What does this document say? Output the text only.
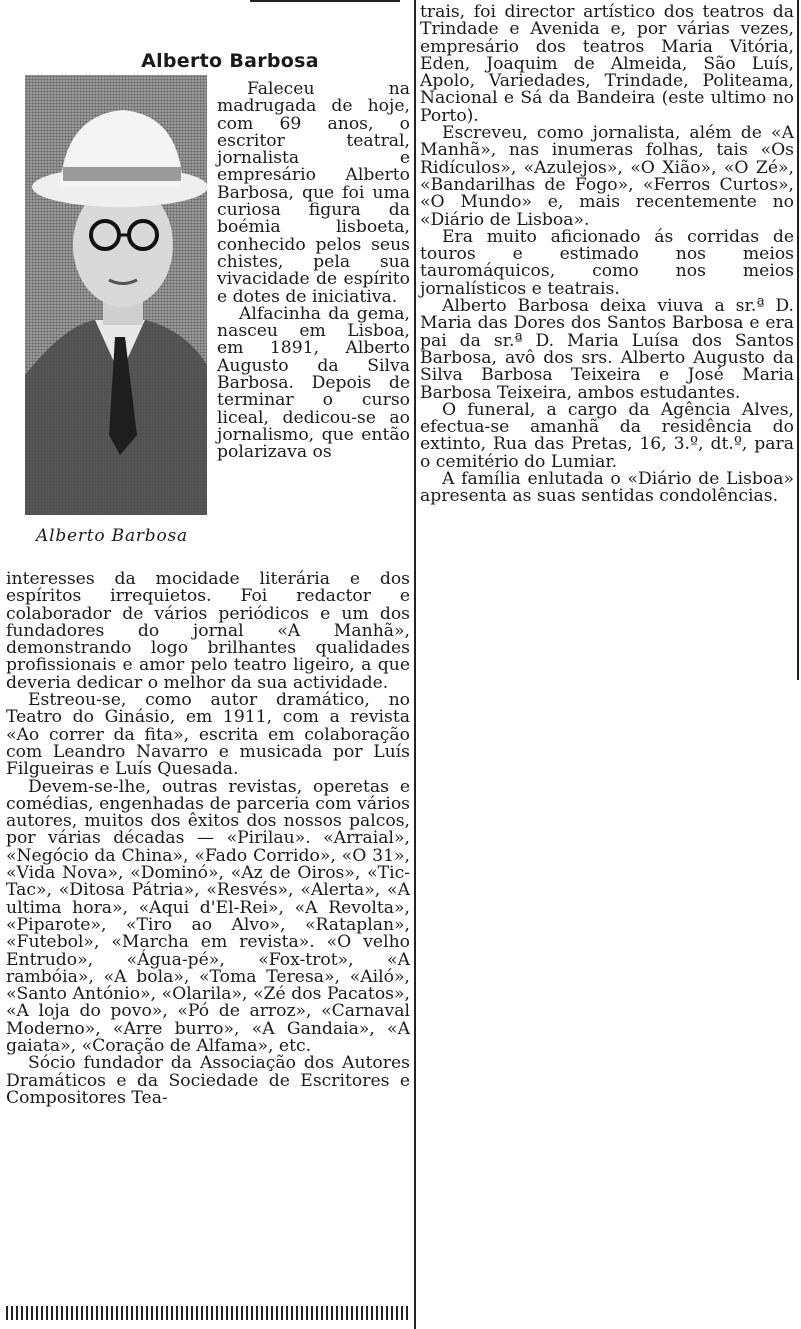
Alberto Barbosa
Alberto Barbosa

Faleceu na madrugada de hoje, com 69 anos, o escritor teatral, jornalista e empresário Alberto Barbosa, que foi uma curiosa figura da boémia lisboeta, conhecido pelos seus chistes, pela sua vivacidade de espírito e dotes de iniciativa.

Alfacinha da gema, nasceu em Lisboa, em 1891, Alberto Augusto da Silva Barbosa. Depois de terminar o curso liceal, dedicou-se ao jornalismo, que então polarizava os

interesses da mocidade literária e dos espíritos irrequietos. Foi redactor e colaborador de vários periódicos e um dos fundadores do jornal «A Manhã», demonstrando logo brilhantes qualidades profissionais e amor pelo teatro ligeiro, a que deveria dedicar o melhor da sua actividade.

Estreou-se, como autor dramático, no Teatro do Ginásio, em 1911, com a revista «Ao correr da fita», escrita em colaboração com Leandro Navarro e musicada por Luís Filgueiras e Luís Quesada.

Devem-se-lhe, outras revistas, operetas e comédias, engenhadas de parceria com vários autores, muitos dos êxitos dos nossos palcos, por várias décadas — «Pirilau». «Arraial», «Negócio da China», «Fado Corrido», «O 31», «Vida Nova», «Dominó», «Az de Oiros», «Tic-Tac», «Ditosa Pátria», «Resvés», «Alerta», «A ultima hora», «Aqui d'El-Rei», «A Revolta», «Piparote», «Tiro ao Alvo», «Rataplan», «Futebol», «Marcha em revista». «O velho Entrudo», «Água-pé», «Fox-trot», «A rambóia», «A bola», «Toma Teresa», «Ailó», «Santo António», «Olarila», «Zé dos Pacatos», «A loja do povo», «Pó de arroz», «Carnaval Moderno», «Arre burro», «A Gandaia», «A gaiata», «Coração de Alfama», etc.

Sócio fundador da Associação dos Autores Dramáticos e da Sociedade de Escritores e Compositores Tea-

trais, foi director artístico dos teatros da Trindade e Avenida e, por várias vezes, empresário dos teatros Maria Vitória, Eden, Joaquim de Almeida, São Luís, Apolo, Variedades, Trindade, Politeama, Nacional e Sá da Bandeira (este ultimo no Porto).

Escreveu, como jornalista, além de «A Manhã», nas inumeras folhas, tais «Os Ridículos», «Azulejos», «O Xião», «O Zé», «Bandarilhas de Fogo», «Ferros Curtos», «O Mundo» e, mais recentemente no «Diário de Lisboa».

Era muito aficionado ás corridas de touros e estimado nos meios tauromáquicos, como nos meios jornalísticos e teatrais.

Alberto Barbosa deixa viuva a sr.ª D. Maria das Dores dos Santos Barbosa e era pai da sr.ª D. Maria Luísa dos Santos Barbosa, avô dos srs. Alberto Augusto da Silva Barbosa Teixeira e José Maria Barbosa Teixeira, ambos estudantes.

O funeral, a cargo da Agência Alves, efectua-se amanhã da residência do extinto, Rua das Pretas, 16, 3.º, dt.º, para o cemitério do Lumiar.

A família enlutada o «Diário de Lisboa» apresenta as suas sentidas condolências.
